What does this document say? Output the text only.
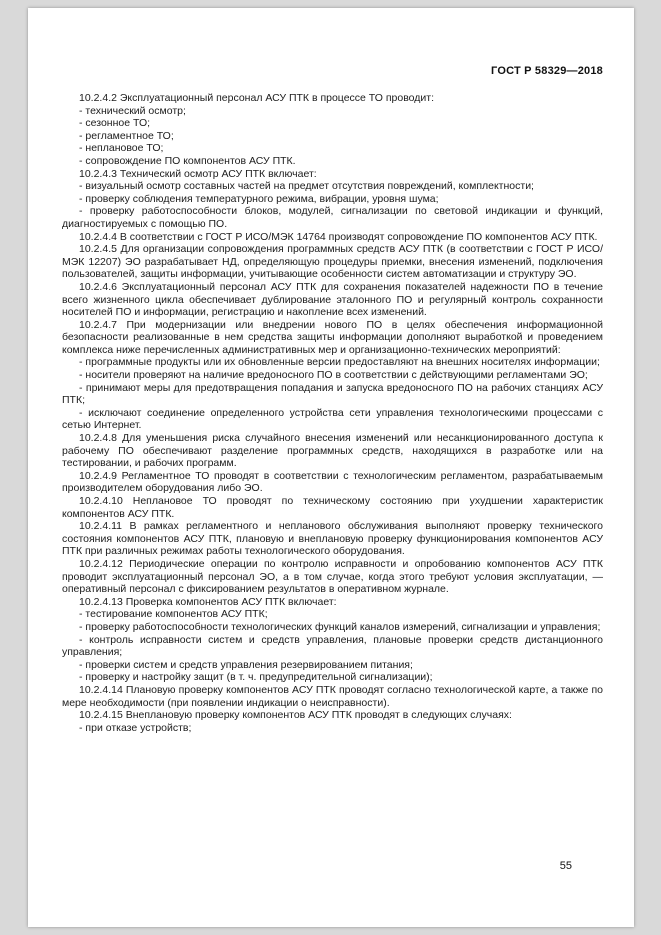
ГОСТ Р 58329—2018

10.2.4.2 Эксплуатационный персонал АСУ ПТК в процессе ТО проводит:

- технический осмотр;

- сезонное ТО;

- регламентное ТО;

- неплановое ТО;

- сопровождение ПО компонентов АСУ ПТК.

10.2.4.3 Технический осмотр АСУ ПТК включает:

- визуальный осмотр составных частей на предмет отсутствия повреждений, комплектности;

- проверку соблюдения температурного режима, вибрации, уровня шума;

- проверку работоспособности блоков, модулей, сигнализации по световой индикации и функций, диагностируемых с помощью ПО.

10.2.4.4 В соответствии с ГОСТ Р ИСО/МЭК 14764 производят сопровождение ПО компонентов АСУ ПТК.

10.2.4.5 Для организации сопровождения программных средств АСУ ПТК (в соответствии с ГОСТ Р ИСО/МЭК 12207) ЭО разрабатывает НД, определяющую процедуры приемки, внесения изменений, подключения пользователей, защиты информации, учитывающие особенности систем автоматизации и структуру ЭО.

10.2.4.6 Эксплуатационный персонал АСУ ПТК для сохранения показателей надежности ПО в течение всего жизненного цикла обеспечивает дублирование эталонного ПО и регулярный контроль сохранности носителей ПО и информации, регистрацию и накопление всех изменений.

10.2.4.7 При модернизации или внедрении нового ПО в целях обеспечения информационной безопасности реализованные в нем средства защиты информации дополняют выработкой и проведением комплекса ниже перечисленных административных мер и организационно-технических мероприятий:

- программные продукты или их обновленные версии предоставляют на внешних носителях информации;

- носители проверяют на наличие вредоносного ПО в соответствии с действующими регламентами ЭО;

- принимают меры для предотвращения попадания и запуска вредоносного ПО на рабочих станциях АСУ ПТК;

- исключают соединение определенного устройства сети управления технологическими процессами с сетью Интернет.

10.2.4.8 Для уменьшения риска случайного внесения изменений или несанкционированного доступа к рабочему ПО обеспечивают разделение программных средств, находящихся в разработке или на тестировании, и рабочих программ.

10.2.4.9 Регламентное ТО проводят в соответствии с технологическим регламентом, разрабатываемым производителем оборудования либо ЭО.

10.2.4.10 Неплановое ТО проводят по техническому состоянию при ухудшении характеристик компонентов АСУ ПТК.

10.2.4.11 В рамках регламентного и непланового обслуживания выполняют проверку технического состояния компонентов АСУ ПТК, плановую и внеплановую проверку функционирования компонентов АСУ ПТК при различных режимах работы технологического оборудования.

10.2.4.12 Периодические операции по контролю исправности и опробованию компонентов АСУ ПТК проводит эксплуатационный персонал ЭО, а в том случае, когда этого требуют условия эксплуатации, — оперативный персонал с фиксированием результатов в оперативном журнале.

10.2.4.13 Проверка компонентов АСУ ПТК включает:

- тестирование компонентов АСУ ПТК;

- проверку работоспособности технологических функций каналов измерений, сигнализации и управления;

- контроль исправности систем и средств управления, плановые проверки средств дистанционного управления;

- проверки систем и средств управления резервированием питания;

- проверку и настройку защит (в т. ч. предупредительной сигнализации);

10.2.4.14 Плановую проверку компонентов АСУ ПТК проводят согласно технологической карте, а также по мере необходимости (при появлении индикации о неисправности).

10.2.4.15 Внеплановую проверку компонентов АСУ ПТК проводят в следующих случаях:

- при отказе устройств;

55
